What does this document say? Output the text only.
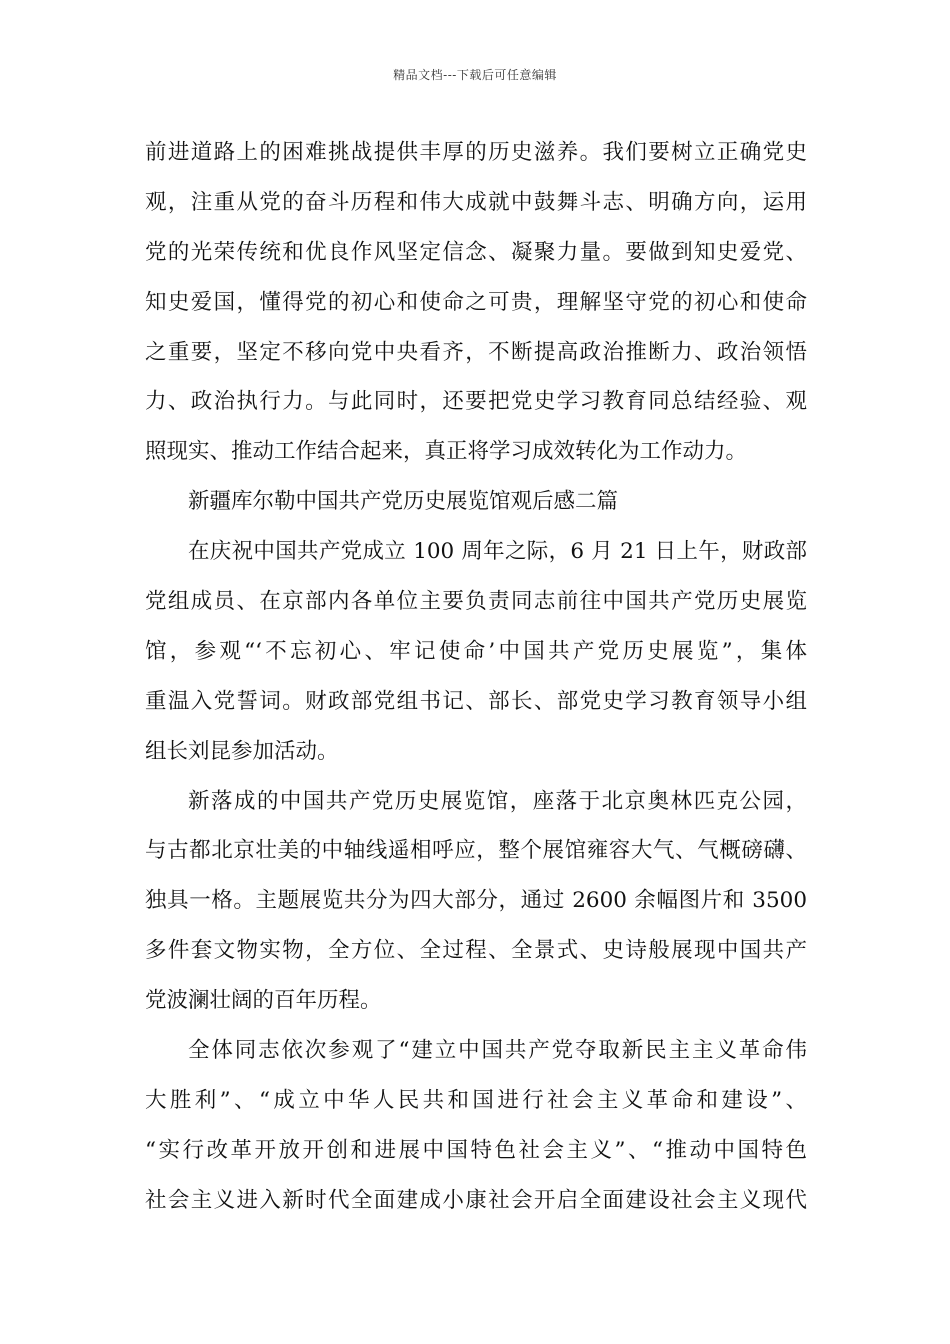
精品文档---下载后可任意编辑
前进道路上的困难挑战提供丰厚的历史滋养。我们要树立正确党史
观，注重从党的奋斗历程和伟大成就中鼓舞斗志、明确方向，运用
党的光荣传统和优良作风坚定信念、凝聚力量。要做到知史爱党、
知史爱国，懂得党的初心和使命之可贵，理解坚守党的初心和使命
之重要，坚定不移向党中央看齐，不断提高政治推断力、政治领悟
力、政治执行力。与此同时，还要把党史学习教育同总结经验、观
照现实、推动工作结合起来，真正将学习成效转化为工作动力。
新疆库尔勒中国共产党历史展览馆观后感二篇
在庆祝中国共产党成立 100 周年之际，6 月 21 日上午，财政部
党组成员、在京部内各单位主要负责同志前往中国共产党历史展览
馆，参观“‘不忘初心、牢记使命’中国共产党历史展览”，集体
重温入党誓词。财政部党组书记、部长、部党史学习教育领导小组
组长刘昆参加活动。
新落成的中国共产党历史展览馆，座落于北京奥林匹克公园，
与古都北京壮美的中轴线遥相呼应，整个展馆雍容大气、气概磅礴、
独具一格。主题展览共分为四大部分，通过 2600 余幅图片和 3500
多件套文物实物，全方位、全过程、全景式、史诗般展现中国共产
党波澜壮阔的百年历程。
全体同志依次参观了“建立中国共产党夺取新民主主义革命伟
大胜利”、“成立中华人民共和国进行社会主义革命和建设”、
“实行改革开放开创和进展中国特色社会主义”、“推动中国特色
社会主义进入新时代全面建成小康社会开启全面建设社会主义现代
